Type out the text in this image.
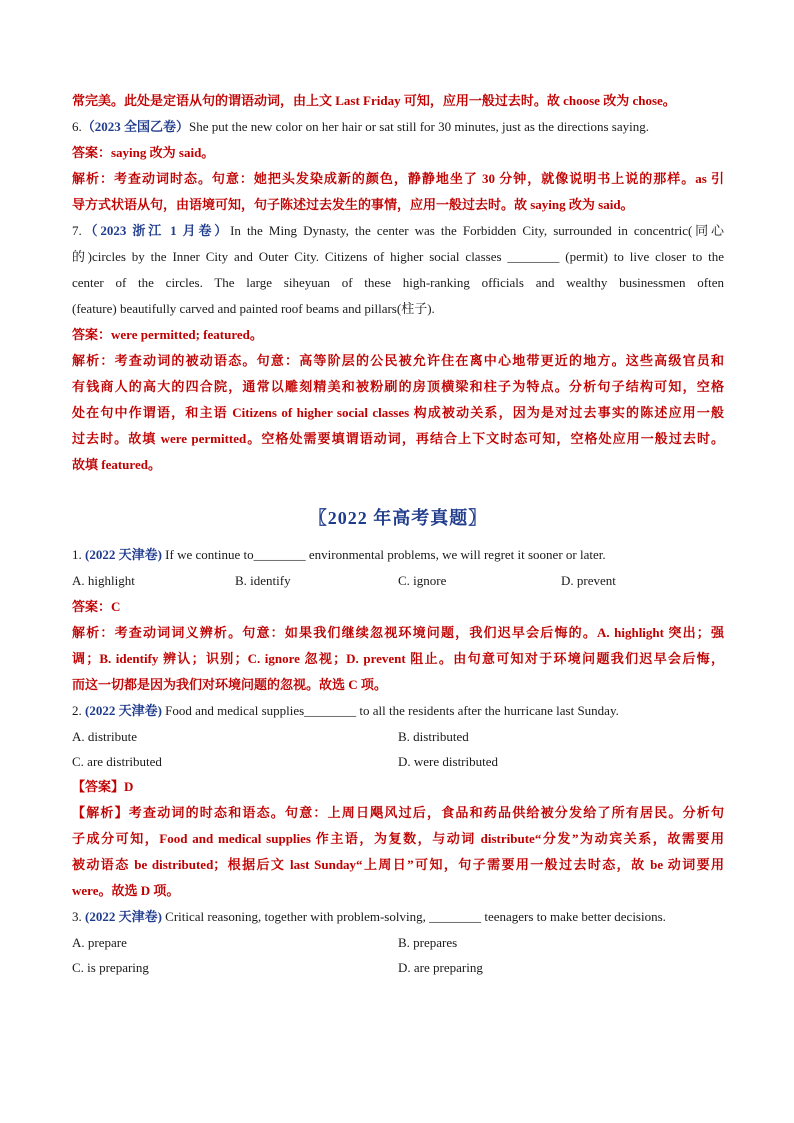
常完美。此处是定语从句的谓语动词，由上文 Last Friday 可知，应用一般过去时。故 choose 改为 chose。
6.（2023 全国乙卷）She put the new color on her hair or sat still for 30 minutes, just as the directions saying.
答案：saying 改为 said。
解析：考查动词时态。句意：她把头发染成新的颜色，静静地坐了 30 分钟，就像说明书上说的那样。as 引
导方式状语从句，由语境可知，句子陈述过去发生的事情，应用一般过去时。故 saying 改为 said。
7.（2023 浙江 1 月卷）In the Ming Dynasty, the center was the Forbidden City, surrounded in concentric(同心
的)circles by the Inner City and Outer City. Citizens of higher social classes ________ (permit) to live closer to the
center of the circles. The large siheyuan of these high-ranking officials and wealthy businessmen often
(feature) beautifully carved and painted roof beams and pillars(柱子).
答案：were permitted; featured。
解析：考查动词的被动语态。句意：高等阶层的公民被允许住在离中心地带更近的地方。这些高级官员和
有钱商人的高大的四合院，通常以雕刻精美和被粉刷的房顶横梁和柱子为特点。分析句子结构可知，空格
处在句中作谓语，和主语 Citizens of higher social classes 构成被动关系，因为是对过去事实的陈述应用一般
过去时。故填 were permitted。空格处需要填谓语动词，再结合上下文时态可知，空格处应用一般过去时。
故填 featured。
〖2022 年高考真题〗
1. (2022 天津卷) If we continue to________ environmental problems, we will regret it sooner or later.
A. highlight	B. identify	C. ignore	D. prevent
答案：C
解析：考查动词词义辨析。句意：如果我们继续忽视环境问题，我们迟早会后悔的。A. highlight 突出；强
调；B. identify 辨认；识别；C. ignore 忽视；D. prevent 阻止。由句意可知对于环境问题我们迟早会后悔，
而这一切都是因为我们对环境问题的忽视。故选 C 项。
2. (2022 天津卷) Food and medical supplies________ to all the residents after the hurricane last Sunday.
A. distribute	B. distributed
C. are distributed	D. were distributed
【答案】D
【解析】考查动词的时态和语态。句意：上周日飓风过后，食品和药品供给被分发给了所有居民。分析句
子成分可知，Food and medical supplies 作主语，为复数，与动词 distribute“分发”为动宾关系，故需要用
被动语态 be distributed；根据后文 last Sunday“上周日”可知，句子需要用一般过去时态，故 be 动词要用
were。故选 D 项。
3. (2022 天津卷) Critical reasoning, together with problem-solving, ________ teenagers to make better decisions.
A. prepare	B. prepares
C. is preparing	D. are preparing
